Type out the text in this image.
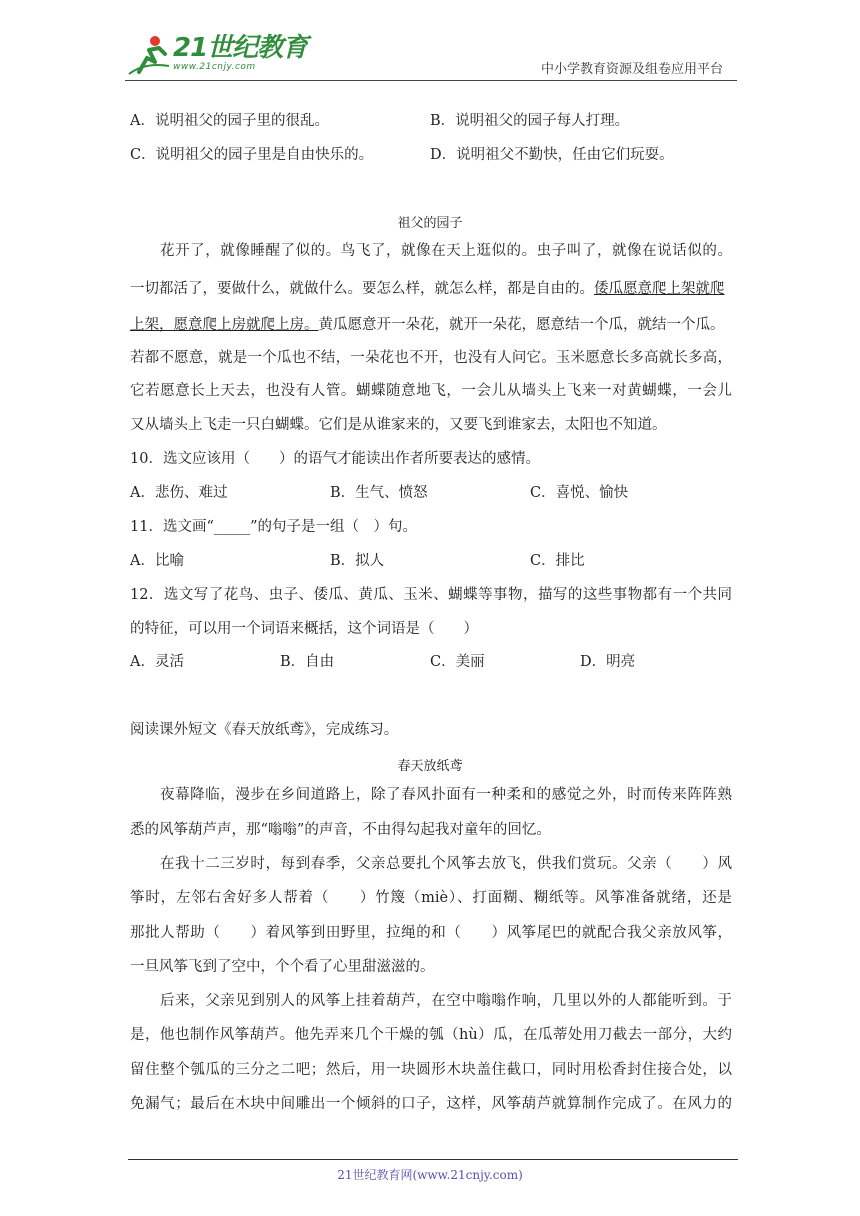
21世纪教育
www.21cnjy.com	中小学教育资源及组卷应用平台
A．说明祖父的园子里的很乱。	B．说明祖父的园子每人打理。
C．说明祖父的园子里是自由快乐的。	D．说明祖父不勤快，任由它们玩耍。
祖父的园子
花开了，就像睡醒了似的。鸟飞了，就像在天上逛似的。虫子叫了，就像在说话似的。
一切都活了，要做什么，就做什么。要怎么样，就怎么样，都是自由的。倭瓜愿意爬上架就爬
上架，愿意爬上房就爬上房。黄瓜愿意开一朵花，就开一朵花，愿意结一个瓜，就结一个瓜。
若都不愿意，就是一个瓜也不结，一朵花也不开，也没有人问它。玉米愿意长多高就长多高，
它若愿意长上天去，也没有人管。蝴蝶随意地飞，一会儿从墙头上飞来一对黄蝴蝶，一会儿
又从墙头上飞走一只白蝴蝶。它们是从谁家来的，又要飞到谁家去，太阳也不知道。
10．选文应该用（　　）的语气才能读出作者所要表达的感情。
A．悲伤、难过	B．生气、愤怒	C．喜悦、愉快
11．选文画“_____”的句子是一组（　）句。
A．比喻	B．拟人	C．排比
12．选文写了花鸟、虫子、倭瓜、黄瓜、玉米、蝴蝶等事物，描写的这些事物都有一个共同
的特征，可以用一个词语来概括，这个词语是（　　）
A．灵活	B．自由	C．美丽	D．明亮
阅读课外短文《春天放纸鸢》，完成练习。
春天放纸鸢
夜幕降临，漫步在乡间道路上，除了春风扑面有一种柔和的感觉之外，时而传来阵阵熟
悉的风筝葫芦声，那“嗡嗡”的声音，不由得勾起我对童年的回忆。
在我十二三岁时，每到春季，父亲总要扎个风筝去放飞，供我们赏玩。父亲（　　）风
筝时，左邻右舍好多人帮着（　　）竹篾（miè）、打面糊、糊纸等。风筝准备就绪，还是
那批人帮助（　　）着风筝到田野里，拉绳的和（　　）风筝尾巴的就配合我父亲放风筝，
一旦风筝飞到了空中，个个看了心里甜滋滋的。
后来，父亲见到别人的风筝上挂着葫芦，在空中嗡嗡作响，几里以外的人都能听到。于
是，他也制作风筝葫芦。他先弄来几个干燥的瓠（hù）瓜，在瓜蒂处用刀截去一部分，大约
留住整个瓠瓜的三分之二吧；然后，用一块圆形木块盖住截口，同时用松香封住接合处，以
免漏气；最后在木块中间雕出一个倾斜的口子，这样，风筝葫芦就算制作完成了。在风力的
21世纪教育网(www.21cnjy.com)
